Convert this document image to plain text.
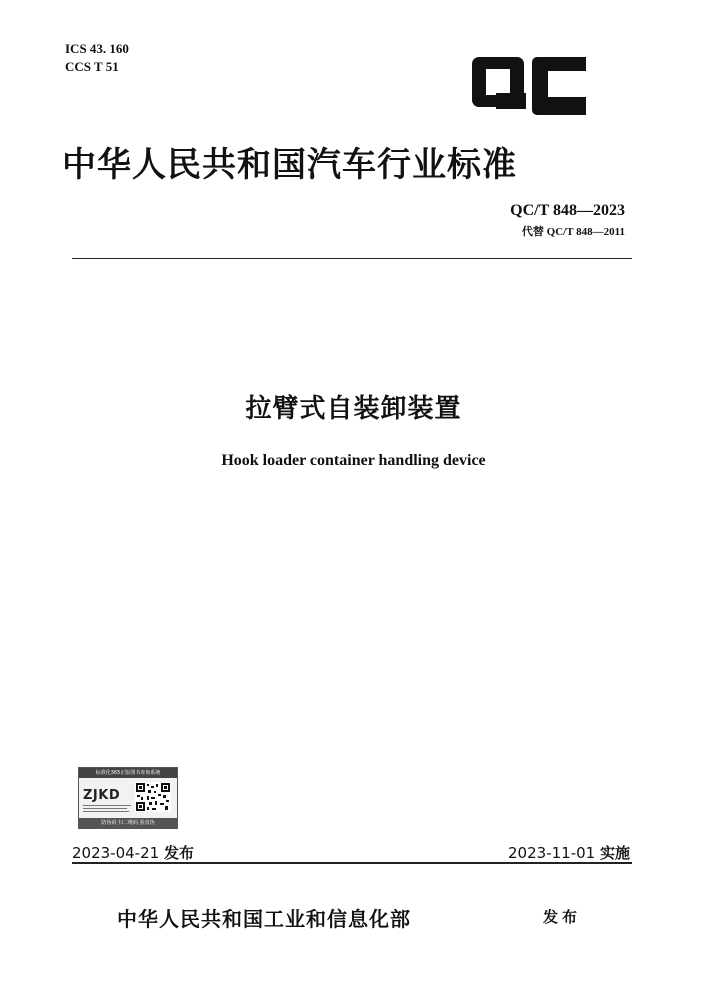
ICS 43. 160
CCS T 51
中华人民共和国汽车行业标准
QC/T 848—2023
代替 QC/T 848—2011
拉臂式自装卸装置
Hook loader container handling device
标准化365正版图书查询系统
ZJKD
防伪码 扫二维码 验真伪
2023-04-21 发布	2023-11-01 实施
中华人民共和国工业和信息化部	发布
